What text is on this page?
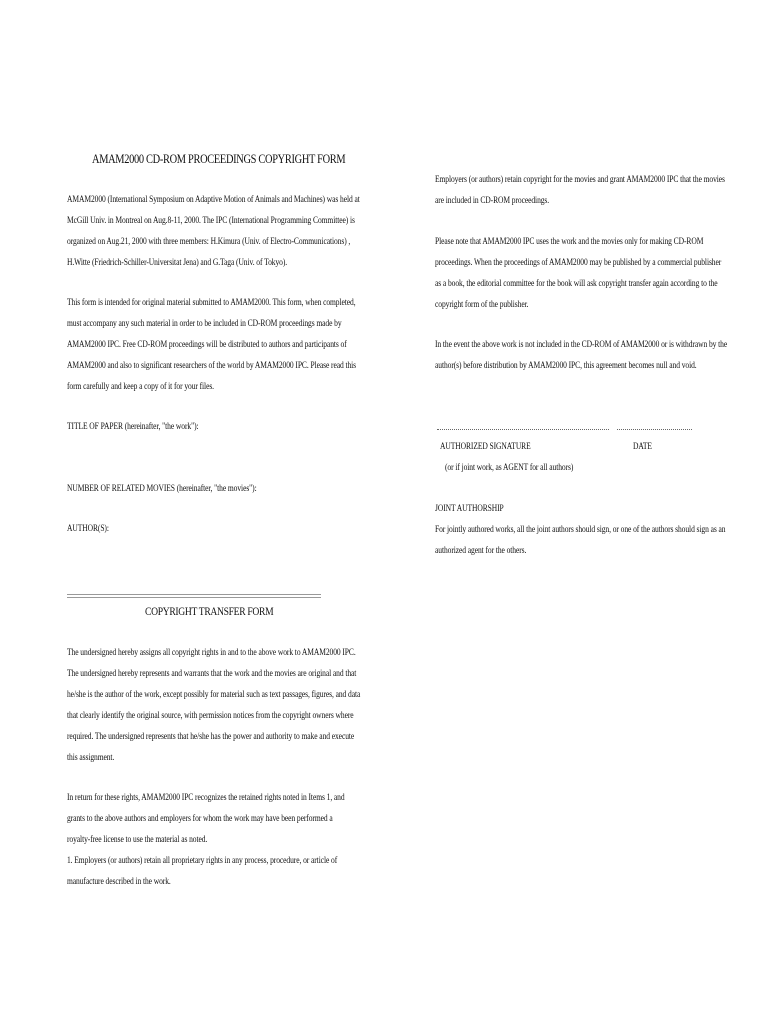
AMAM2000 CD-ROM PROCEEDINGS COPYRIGHT FORM
AMAM2000 (International Symposium on Adaptive Motion of Animals and Machines) was held at
McGill Univ. in Montreal on Aug.8-11, 2000. The IPC (International Programming Committee) is
organized on Aug.21, 2000 with three members: H.Kimura (Univ. of Electro-Communications) ,
H.Witte (Friedrich-Schiller-Universitat Jena) and G.Taga (Univ. of Tokyo).
This form is intended for original material submitted to AMAM2000. This form, when completed,
must accompany any such material in order to be included in CD-ROM proceedings made by
AMAM2000 IPC. Free CD-ROM proceedings will be distributed to authors and participants of
AMAM2000 and also to significant researchers of the world by AMAM2000 IPC. Please read this
form carefully and keep a copy of it for your files.
TITLE OF PAPER (hereinafter, "the work"):
NUMBER OF RELATED MOVIES (hereinafter, "the movies"):
AUTHOR(S):
COPYRIGHT TRANSFER FORM
The undersigned hereby assigns all copyright rights in and to the above work to AMAM2000 IPC.
The undersigned hereby represents and warrants that the work and the movies are original and that
he/she is the author of the work, except possibly for material such as text passages, figures, and data
that clearly identify the original source, with permission notices from the copyright owners where
required. The undersigned represents that he/she has the power and authority to make and execute
this assignment.
In return for these rights, AMAM2000 IPC recognizes the retained rights noted in Items 1, and
grants to the above authors and employers for whom the work may have been performed a
royalty-free license to use the material as noted.
1. Employers (or authors) retain all proprietary rights in any process, procedure, or article of
manufacture described in the work.
Employers (or authors) retain copyright for the movies and grant AMAM2000 IPC that the movies
are included in CD-ROM proceedings.
Please note that AMAM2000 IPC uses the work and the movies only for making CD-ROM
proceedings. When the proceedings of AMAM2000 may be published by a commercial publisher
as a book, the editorial committee for the book will ask copyright transfer again according to the
copyright form of the publisher.
In the event the above work is not included in the CD-ROM of AMAM2000 or is withdrawn by the
author(s) before distribution by AMAM2000 IPC, this agreement becomes null and void.
AUTHORIZED SIGNATURE	DATE
(or if joint work, as AGENT for all authors)
JOINT AUTHORSHIP
For jointly authored works, all the joint authors should sign, or one of the authors should sign as an
authorized agent for the others.
